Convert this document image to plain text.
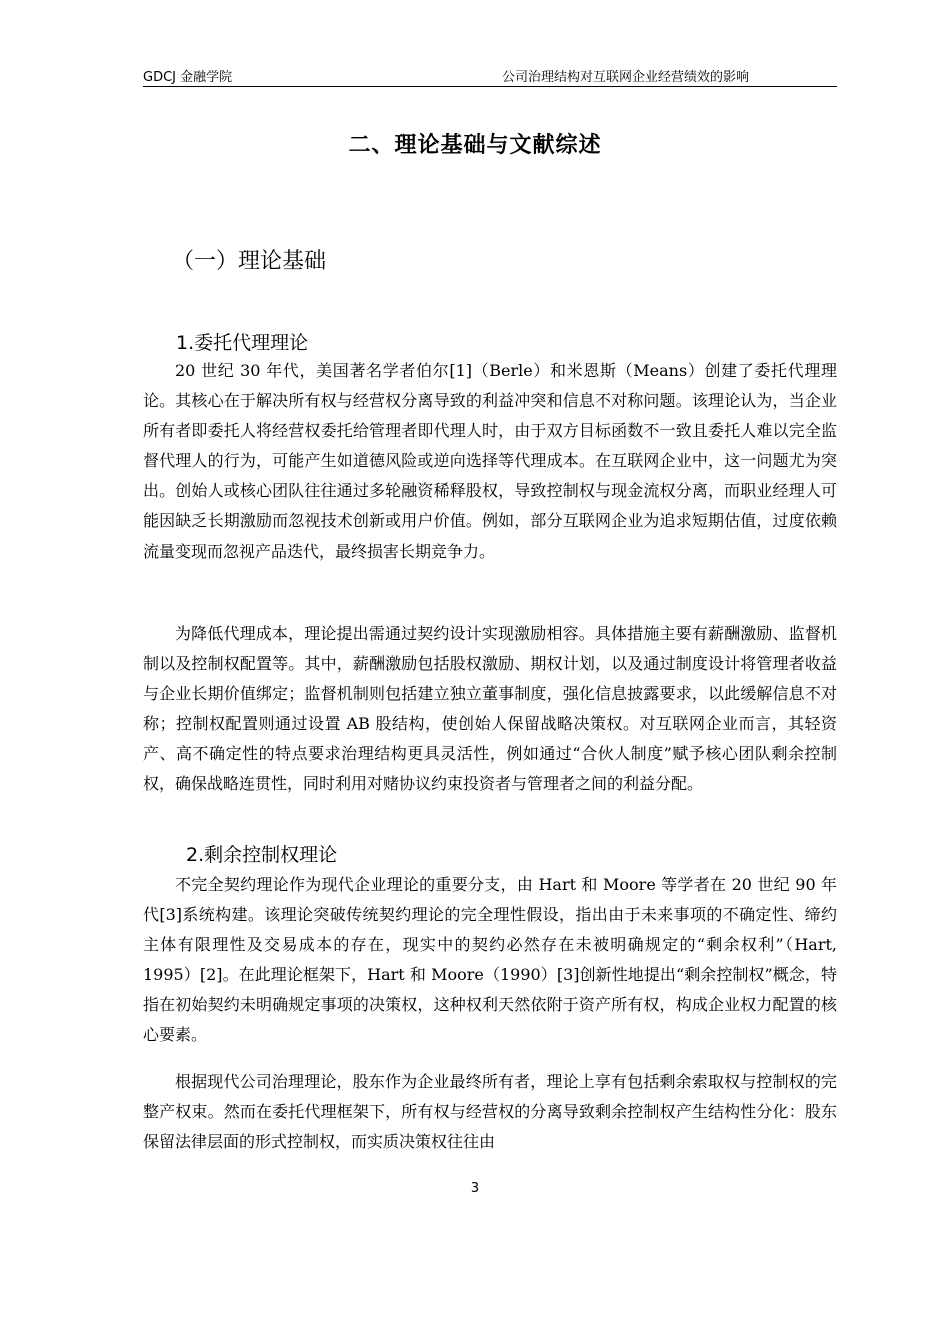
GDCJ 金融学院	公司治理结构对互联网企业经营绩效的影响
二、理论基础与文献综述
（一）理论基础
1.委托代理理论

20 世纪 30 年代，美国著名学者伯尔[1]（Berle）和米恩斯（Means）创建了委托代理理论。其核心在于解决所有权与经营权分离导致的利益冲突和信息不对称问题。该理论认为，当企业所有者即委托人将经营权委托给管理者即代理人时，由于双方目标函数不一致且委托人难以完全监督代理人的行为，可能产生如道德风险或逆向选择等代理成本。在互联网企业中，这一问题尤为突出。创始人或核心团队往往通过多轮融资稀释股权，导致控制权与现金流权分离，而职业经理人可能因缺乏长期激励而忽视技术创新或用户价值。例如，部分互联网企业为追求短期估值，过度依赖流量变现而忽视产品迭代，最终损害长期竞争力。

为降低代理成本，理论提出需通过契约设计实现激励相容。具体措施主要有薪酬激励、监督机制以及控制权配置等。其中，薪酬激励包括股权激励、期权计划，以及通过制度设计将管理者收益与企业长期价值绑定；监督机制则包括建立独立董事制度，强化信息披露要求，以此缓解信息不对称；控制权配置则通过设置 AB 股结构，使创始人保留战略决策权。对互联网企业而言，其轻资产、高不确定性的特点要求治理结构更具灵活性，例如通过“合伙人制度”赋予核心团队剩余控制权，确保战略连贯性，同时利用对赌协议约束投资者与管理者之间的利益分配。

2.剩余控制权理论

不完全契约理论作为现代企业理论的重要分支，由 Hart 和 Moore 等学者在 20 世纪 90 年代[3]系统构建。该理论突破传统契约理论的完全理性假设，指出由于未来事项的不确定性、缔约主体有限理性及交易成本的存在，现实中的契约必然存在未被明确规定的“剩余权利”（Hart, 1995）[2]。在此理论框架下，Hart 和 Moore（1990）[3]创新性地提出“剩余控制权”概念，特指在初始契约未明确规定事项的决策权，这种权利天然依附于资产所有权，构成企业权力配置的核心要素。

根据现代公司治理理论，股东作为企业最终所有者，理论上享有包括剩余索取权与控制权的完整产权束。然而在委托代理框架下，所有权与经营权的分离导致剩余控制权产生结构性分化：股东保留法律层面的形式控制权，而实质决策权往往由

3
